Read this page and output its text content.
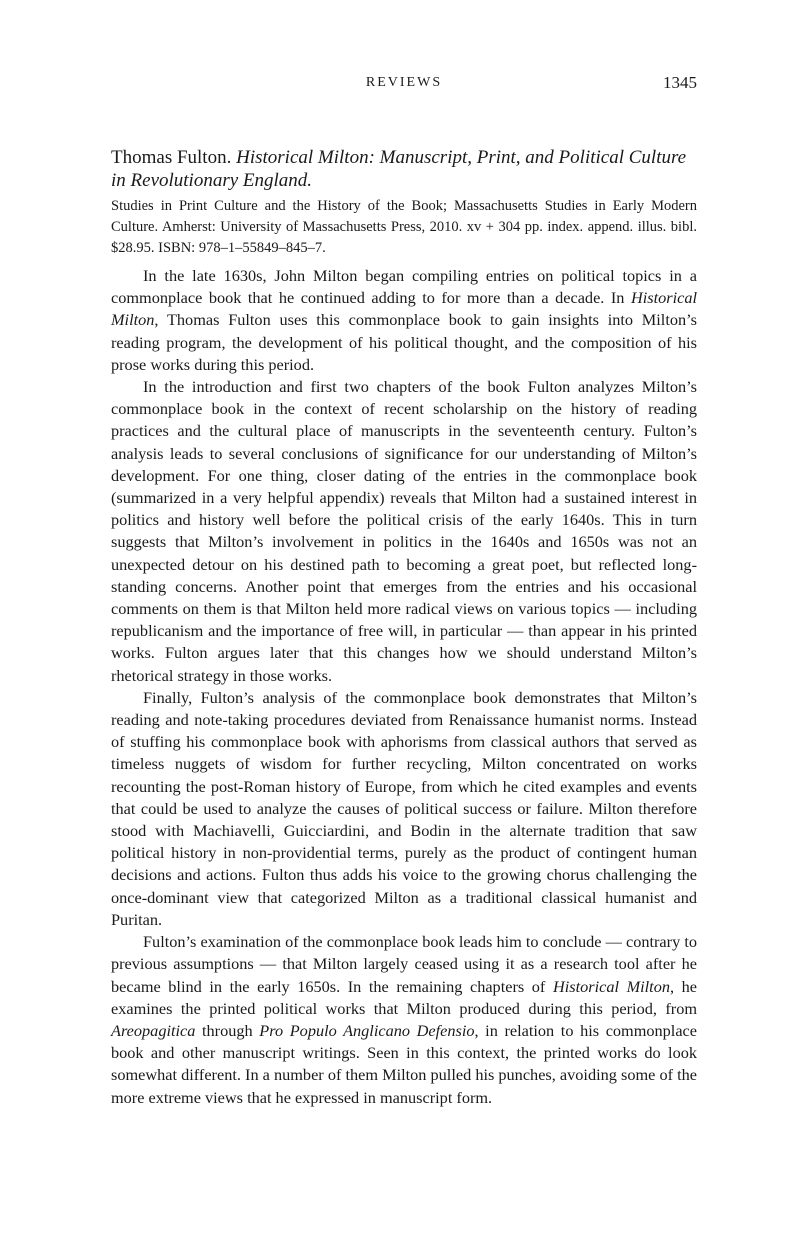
REVIEWS	1345

Thomas Fulton. Historical Milton: Manuscript, Print, and Political Culture in Revolutionary England.

Studies in Print Culture and the History of the Book; Massachusetts Studies in Early Modern Culture. Amherst: University of Massachusetts Press, 2010. xv + 304 pp. index. append. illus. bibl. $28.95. ISBN: 978–1–55849–845–7.

In the late 1630s, John Milton began compiling entries on political topics in a commonplace book that he continued adding to for more than a decade. In Historical Milton, Thomas Fulton uses this commonplace book to gain insights into Milton’s reading program, the development of his political thought, and the composition of his prose works during this period.

In the introduction and first two chapters of the book Fulton analyzes Milton’s commonplace book in the context of recent scholarship on the history of reading practices and the cultural place of manuscripts in the seventeenth century. Fulton’s analysis leads to several conclusions of significance for our understanding of Milton’s development. For one thing, closer dating of the entries in the commonplace book (summarized in a very helpful appendix) reveals that Milton had a sustained interest in politics and history well before the political crisis of the early 1640s. This in turn suggests that Milton’s involvement in politics in the 1640s and 1650s was not an unexpected detour on his destined path to becoming a great poet, but reflected long-standing concerns. Another point that emerges from the entries and his occasional comments on them is that Milton held more radical views on various topics — including republicanism and the importance of free will, in particular — than appear in his printed works. Fulton argues later that this changes how we should understand Milton’s rhetorical strategy in those works.

Finally, Fulton’s analysis of the commonplace book demonstrates that Milton’s reading and note-taking procedures deviated from Renaissance humanist norms. Instead of stuffing his commonplace book with aphorisms from classical authors that served as timeless nuggets of wisdom for further recycling, Milton concentrated on works recounting the post-Roman history of Europe, from which he cited examples and events that could be used to analyze the causes of political success or failure. Milton therefore stood with Machiavelli, Guicciardini, and Bodin in the alternate tradition that saw political history in non-providential terms, purely as the product of contingent human decisions and actions. Fulton thus adds his voice to the growing chorus challenging the once-dominant view that categorized Milton as a traditional classical humanist and Puritan.

Fulton’s examination of the commonplace book leads him to conclude — contrary to previous assumptions — that Milton largely ceased using it as a research tool after he became blind in the early 1650s. In the remaining chapters of Historical Milton, he examines the printed political works that Milton produced during this period, from Areopagitica through Pro Populo Anglicano Defensio, in relation to his commonplace book and other manuscript writings. Seen in this context, the printed works do look somewhat different. In a number of them Milton pulled his punches, avoiding some of the more extreme views that he expressed in manuscript form.
